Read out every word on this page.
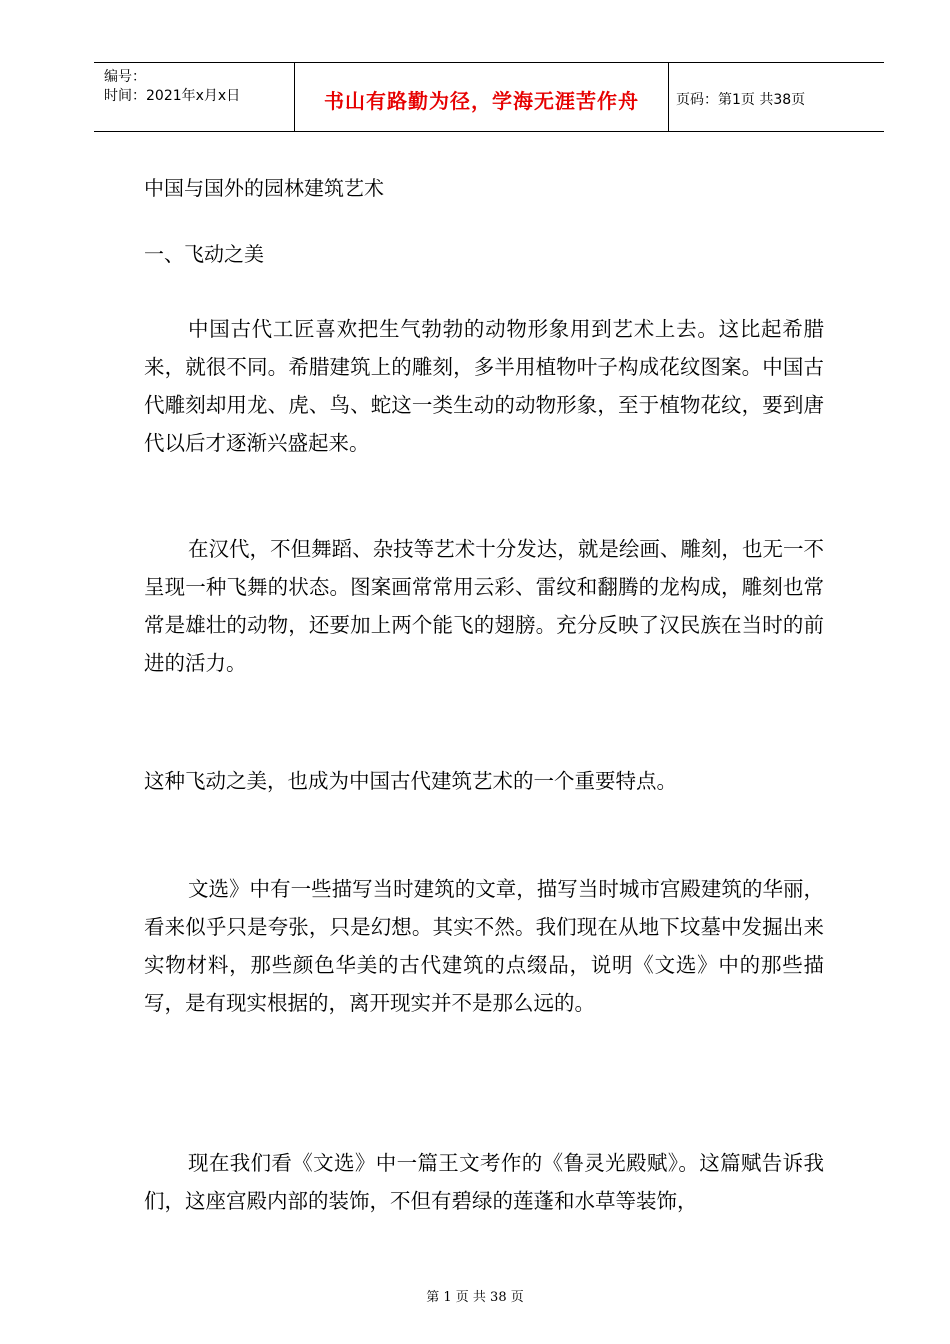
编号：
时间：2021年x月x日	书山有路勤为径，学海无涯苦作舟	页码：第1页 共38页
中国与国外的园林建筑艺术
一、飞动之美
中国古代工匠喜欢把生气勃勃的动物形象用到艺术上去。这比起希腊来，就很不同。希腊建筑上的雕刻，多半用植物叶子构成花纹图案。中国古代雕刻却用龙、虎、鸟、蛇这一类生动的动物形象，至于植物花纹，要到唐代以后才逐渐兴盛起来。
在汉代，不但舞蹈、杂技等艺术十分发达，就是绘画、雕刻，也无一不呈现一种飞舞的状态。图案画常常用云彩、雷纹和翻腾的龙构成，雕刻也常常是雄壮的动物，还要加上两个能飞的翅膀。充分反映了汉民族在当时的前进的活力。
这种飞动之美，也成为中国古代建筑艺术的一个重要特点。
文选》中有一些描写当时建筑的文章，描写当时城市宫殿建筑的华丽，看来似乎只是夸张，只是幻想。其实不然。我们现在从地下坟墓中发掘出来实物材料，那些颜色华美的古代建筑的点缀品，说明《文选》中的那些描写，是有现实根据的，离开现实并不是那么远的。
现在我们看《文选》中一篇王文考作的《鲁灵光殿赋》。这篇赋告诉我们，这座宫殿内部的装饰，不但有碧绿的莲蓬和水草等装饰，
第 1 页 共 38 页
